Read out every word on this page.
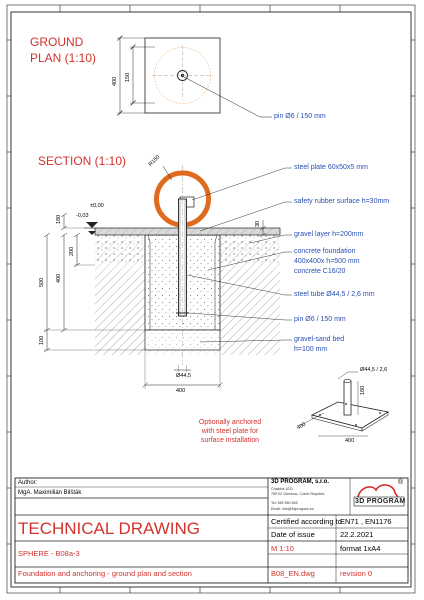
GROUND
PLAN (1:10)
400 150
pin Ø6 / 150 mm
SECTION (1:10)	R150
±0,00
-0,03
180	30
200
400
500
100
Ø44,5
400
steel plate 60x50x5 mm
safety rubber surface h=30mm
gravel layer h=200mm
concrete foundation
400x400x h=500 mm
concrete C16/20
steel tube Ø44,5 / 2,6 mm
pin Ø6 / 150 mm
gravel-sand bed
h=100 mm
Ø44,5 / 2,6
180
400
400
Optionally anchored
with steel plate for
surface installation
Author:
MgA. Maximilián Bilšták
3D PROGRAM, s.r.o.
Chaloha 1011
769 02 Olomouc, Czech Republic
Tel: 582 550 845
Email: info@3dprogram.eu
3D PROGRAM
®
TECHNICAL DRAWING	Certified according to
EN71 , EN1176
Date of issue	22.2.2021
SPHERE - B08a-3
M 1:10	format 1xA4
Foundation and anchoring - ground plan and section	B08_EN.dwg	revision 0
